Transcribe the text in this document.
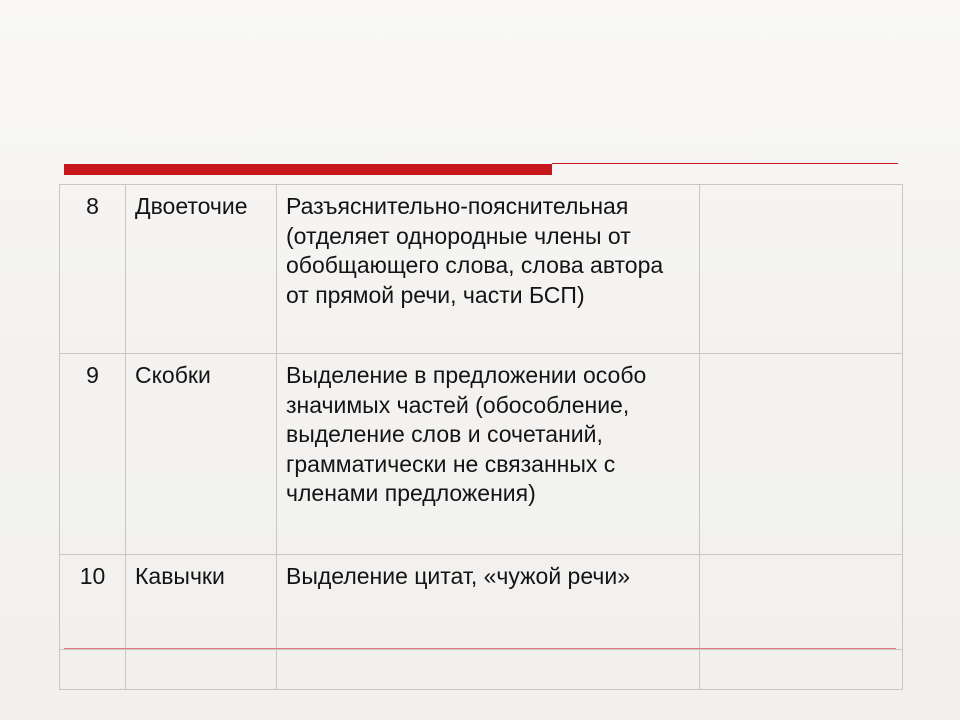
8	Двоеточие	Разъяснительно-пояснительная (отделяет однородные члены от обобщающего слова, слова автора от прямой речи, части БСП)	
9	Скобки	Выделение в предложении особо значимых частей (обособление, выделение слов и сочетаний, грамматически не связанных с членами предложения)	
10	Кавычки	Выделение цитат, «чужой речи»	
